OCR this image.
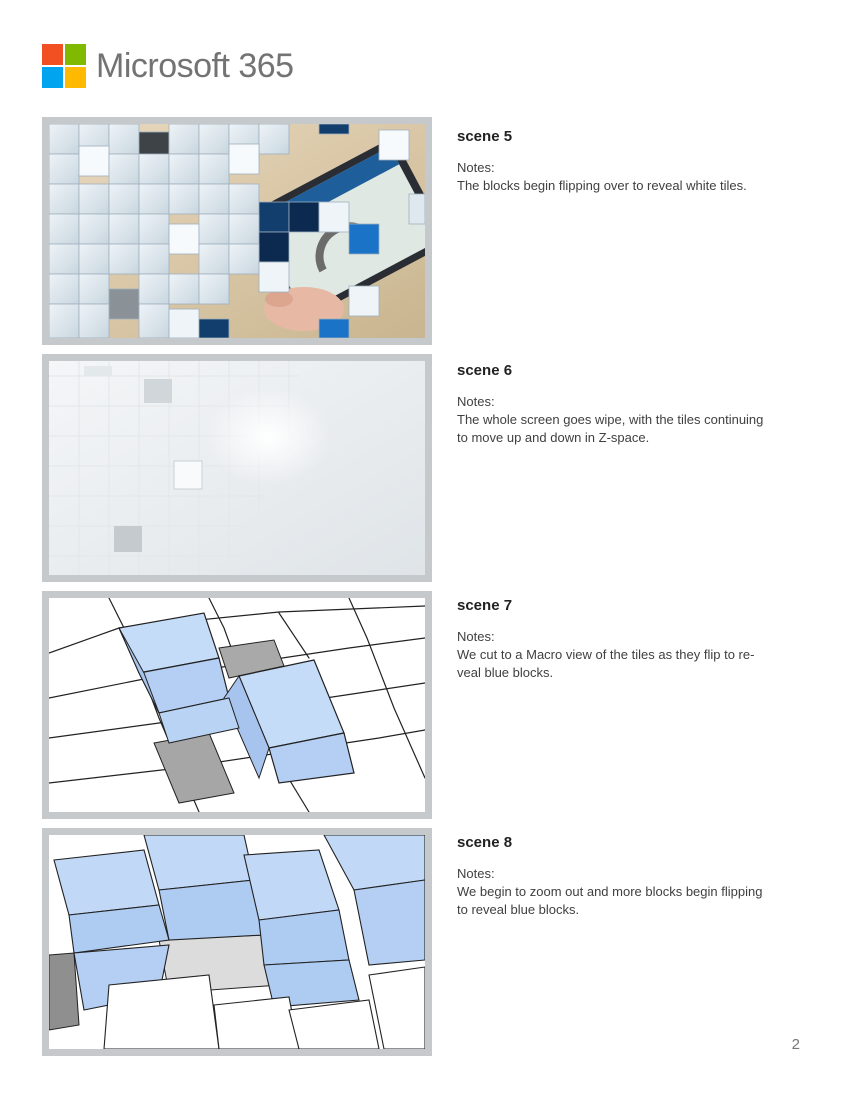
Microsoft 365
scene 5
Notes:
The blocks begin flipping over to reveal white tiles.
scene 6
Notes:
The whole screen goes wipe, with the tiles continuing
to move up and down in Z-space.
scene 7
Notes:
We cut to a Macro view of the tiles as they flip to re-
veal blue blocks.
scene 8
Notes:
We begin to zoom out and more blocks begin flipping
to reveal blue blocks.
2
